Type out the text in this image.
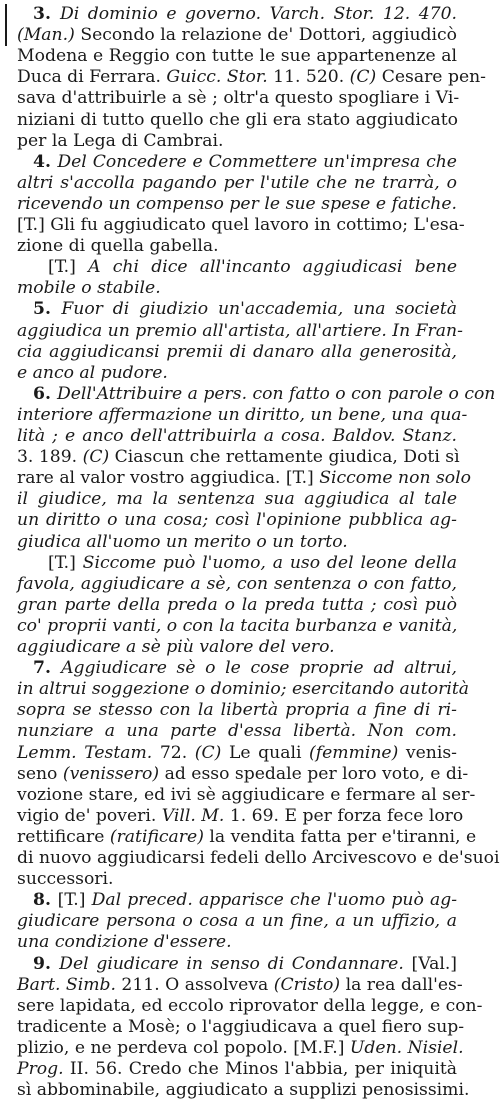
3. Di dominio e governo. Varch. Stor. 12. 470.
(Man.) Secondo la relazione de' Dottori, aggiudicò
Modena e Reggio con tutte le sue appartenenze al
Duca di Ferrara. Guicc. Stor. 11. 520. (C) Cesare pen-
sava d'attribuirle a sè ; oltr'a questo spogliare i Vi-
niziani di tutto quello che gli era stato aggiudicato
per la Lega di Cambrai.
4. Del Concedere e Commettere un'impresa che
altri s'accolla pagando per l'utile che ne trarrà, o
ricevendo un compenso per le sue spese e fatiche.
[T.] Gli fu aggiudicato quel lavoro in cottimo; L'esa-
zione di quella gabella.
[T.] A chi dice all'incanto aggiudicasi bene
mobile o stabile.
5. Fuor di giudizio un'accademia, una società
aggiudica un premio all'artista, all'artiere. In Fran-
cia aggiudicansi premii di danaro alla generosità,
e anco al pudore.
6. Dell'Attribuire a pers. con fatto o con parole o con
interiore affermazione un diritto, un bene, una qua-
lità ; e anco dell'attribuirla a cosa. Baldov. Stanz.
3. 189. (C) Ciascun che rettamente giudica, Doti sì
rare al valor vostro aggiudica. [T.] Siccome non solo
il giudice, ma la sentenza sua aggiudica al tale
un diritto o una cosa; così l'opinione pubblica ag-
giudica all'uomo un merito o un torto.
[T.] Siccome può l'uomo, a uso del leone della
favola, aggiudicare a sè, con sentenza o con fatto,
gran parte della preda o la preda tutta ; così può
co' proprii vanti, o con la tacita burbanza e vanità,
aggiudicare a sè più valore del vero.
7. Aggiudicare sè o le cose proprie ad altrui,
in altrui soggezione o dominio; esercitando autorità
sopra se stesso con la libertà propria a fine di ri-
nunziare a una parte d'essa libertà. Non com.
Lemm. Testam. 72. (C) Le quali (femmine) venis-
seno (venissero) ad esso spedale per loro voto, e di-
vozione stare, ed ivi sè aggiudicare e fermare al ser-
vigio de' poveri. Vill. M. 1. 69. E per forza fece loro
rettificare (ratificare) la vendita fatta per e'tiranni, e
di nuovo aggiudicarsi fedeli dello Arcivescovo e de'suoi
successori.
8. [T.] Dal preced. apparisce che l'uomo può ag-
giudicare persona o cosa a un fine, a un uffizio, a
una condizione d'essere.
9. Del giudicare in senso di Condannare. [Val.]
Bart. Simb. 211. O assolveva (Cristo) la rea dall'es-
sere lapidata, ed eccolo riprovator della legge, e con-
tradicente a Mosè; o l'aggiudicava a quel fiero sup-
plizio, e ne perdeva col popolo. [M.F.] Uden. Nisiel.
Prog. II. 56. Credo che Minos l'abbia, per iniquità
sì abbominabile, aggiudicato a supplizi penosissimi.
